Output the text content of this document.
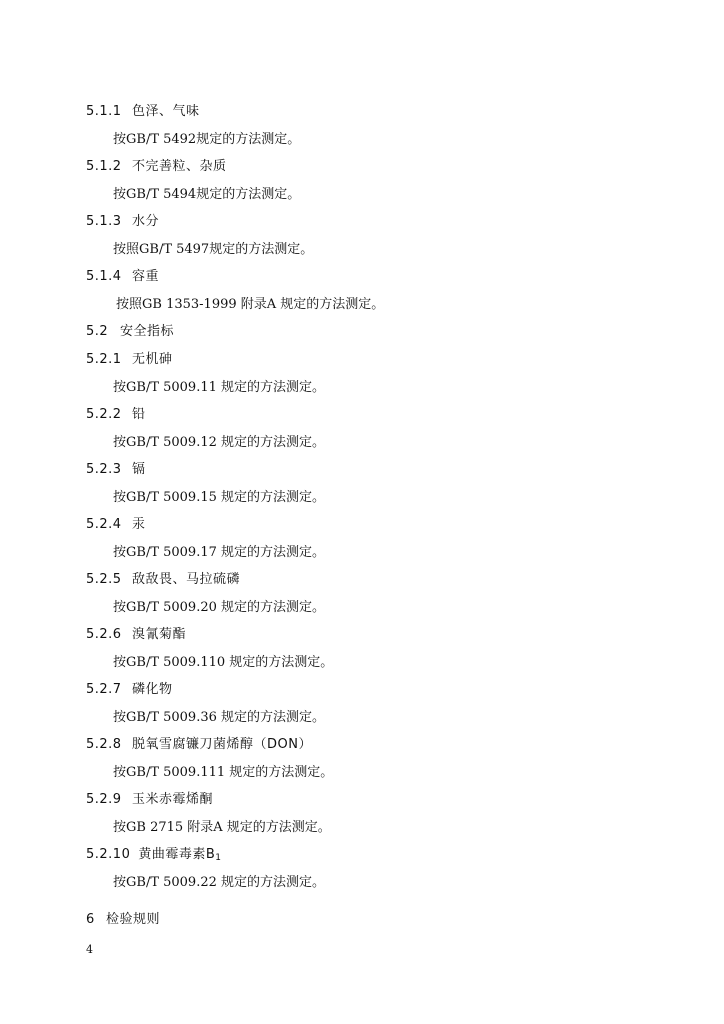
5.1.1 色泽、气味
按GB/T 5492规定的方法测定。
5.1.2 不完善粒、杂质
按GB/T 5494规定的方法测定。
5.1.3 水分
按照GB/T 5497规定的方法测定。
5.1.4 容重
按照GB 1353-1999 附录A 规定的方法测定。
5.2 安全指标
5.2.1 无机砷
按GB/T 5009.11 规定的方法测定。
5.2.2 铅
按GB/T 5009.12 规定的方法测定。
5.2.3 镉
按GB/T 5009.15 规定的方法测定。
5.2.4 汞
按GB/T 5009.17 规定的方法测定。
5.2.5 敌敌畏、马拉硫磷
按GB/T 5009.20 规定的方法测定。
5.2.6 溴氰菊酯
按GB/T 5009.110 规定的方法测定。
5.2.7 磷化物
按GB/T 5009.36 规定的方法测定。
5.2.8 脱氧雪腐镰刀菌烯醇（DON）
按GB/T 5009.111 规定的方法测定。
5.2.9 玉米赤霉烯酮
按GB 2715 附录A 规定的方法测定。
5.2.10 黄曲霉毒素$B_1$
按GB/T 5009.22 规定的方法测定。
6 检验规则
4
